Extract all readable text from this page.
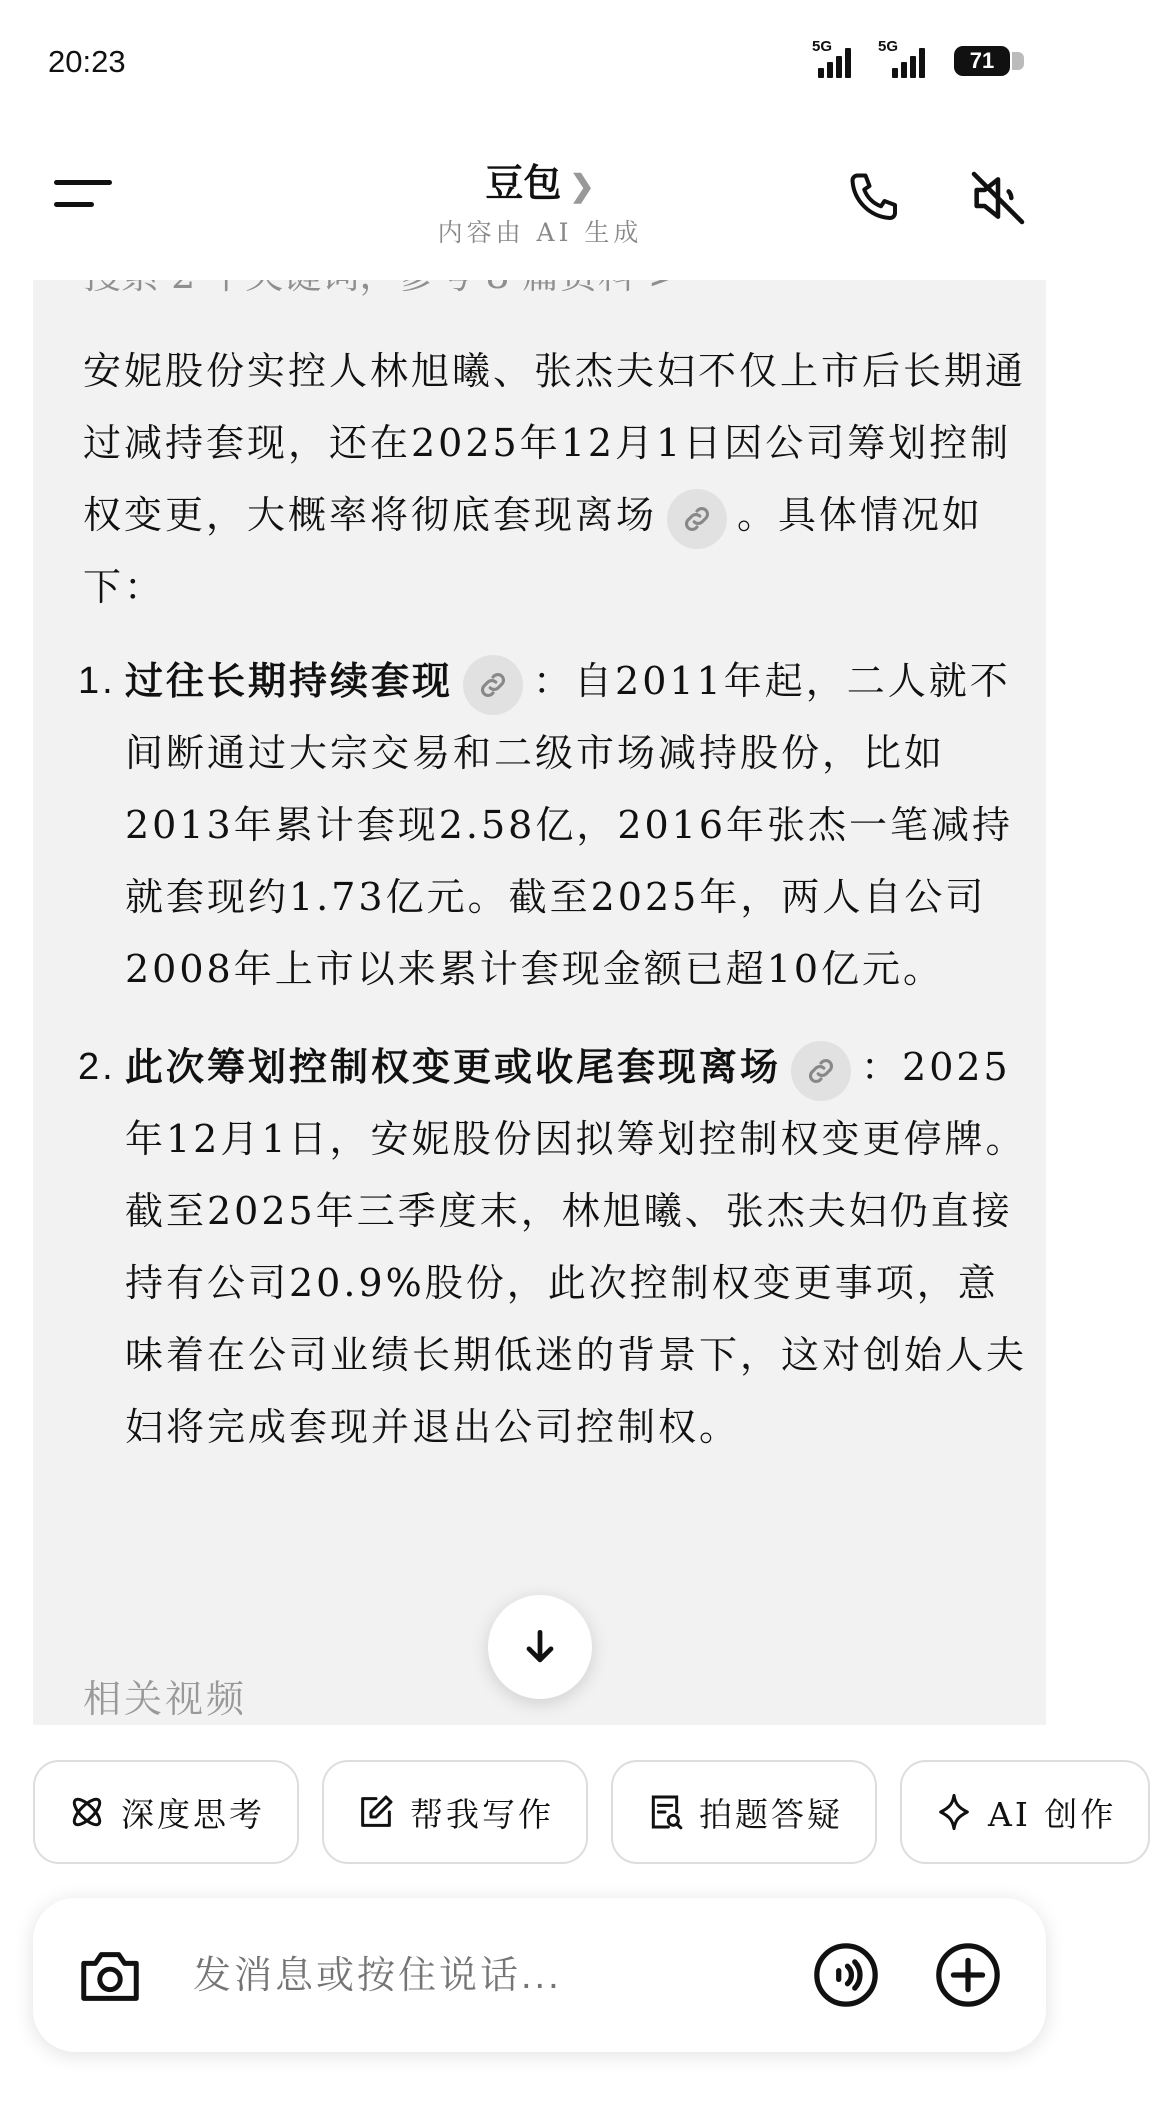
20:23	5G	5G
71
豆包 ❯
内容由 AI 生成
安妮股份实控人林旭曦、张杰夫妇不仅上市后长期通过减持套现，还在2025年12月1日因公司筹划控制权变更，大概率将彻底套现离场 。具体情况如下：
1. 过往长期持续套现 ：自2011年起，二人就不间断通过大宗交易和二级市场减持股份，比如2013年累计套现2.58亿，2016年张杰一笔减持就套现约1.73亿元。截至2025年，两人自公司2008年上市以来累计套现金额已超10亿元。
2. 此次筹划控制权变更或收尾套现离场 ：2025年12月1日，安妮股份因拟筹划控制权变更停牌。截至2025年三季度末，林旭曦、张杰夫妇仍直接持有公司20.9%股份，此次控制权变更事项，意味着在公司业绩长期低迷的背景下，这对创始人夫妇将完成套现并退出公司控制权。
相关视频
深度思考	帮我写作	拍题答疑	AI 创作
发消息或按住说话...
